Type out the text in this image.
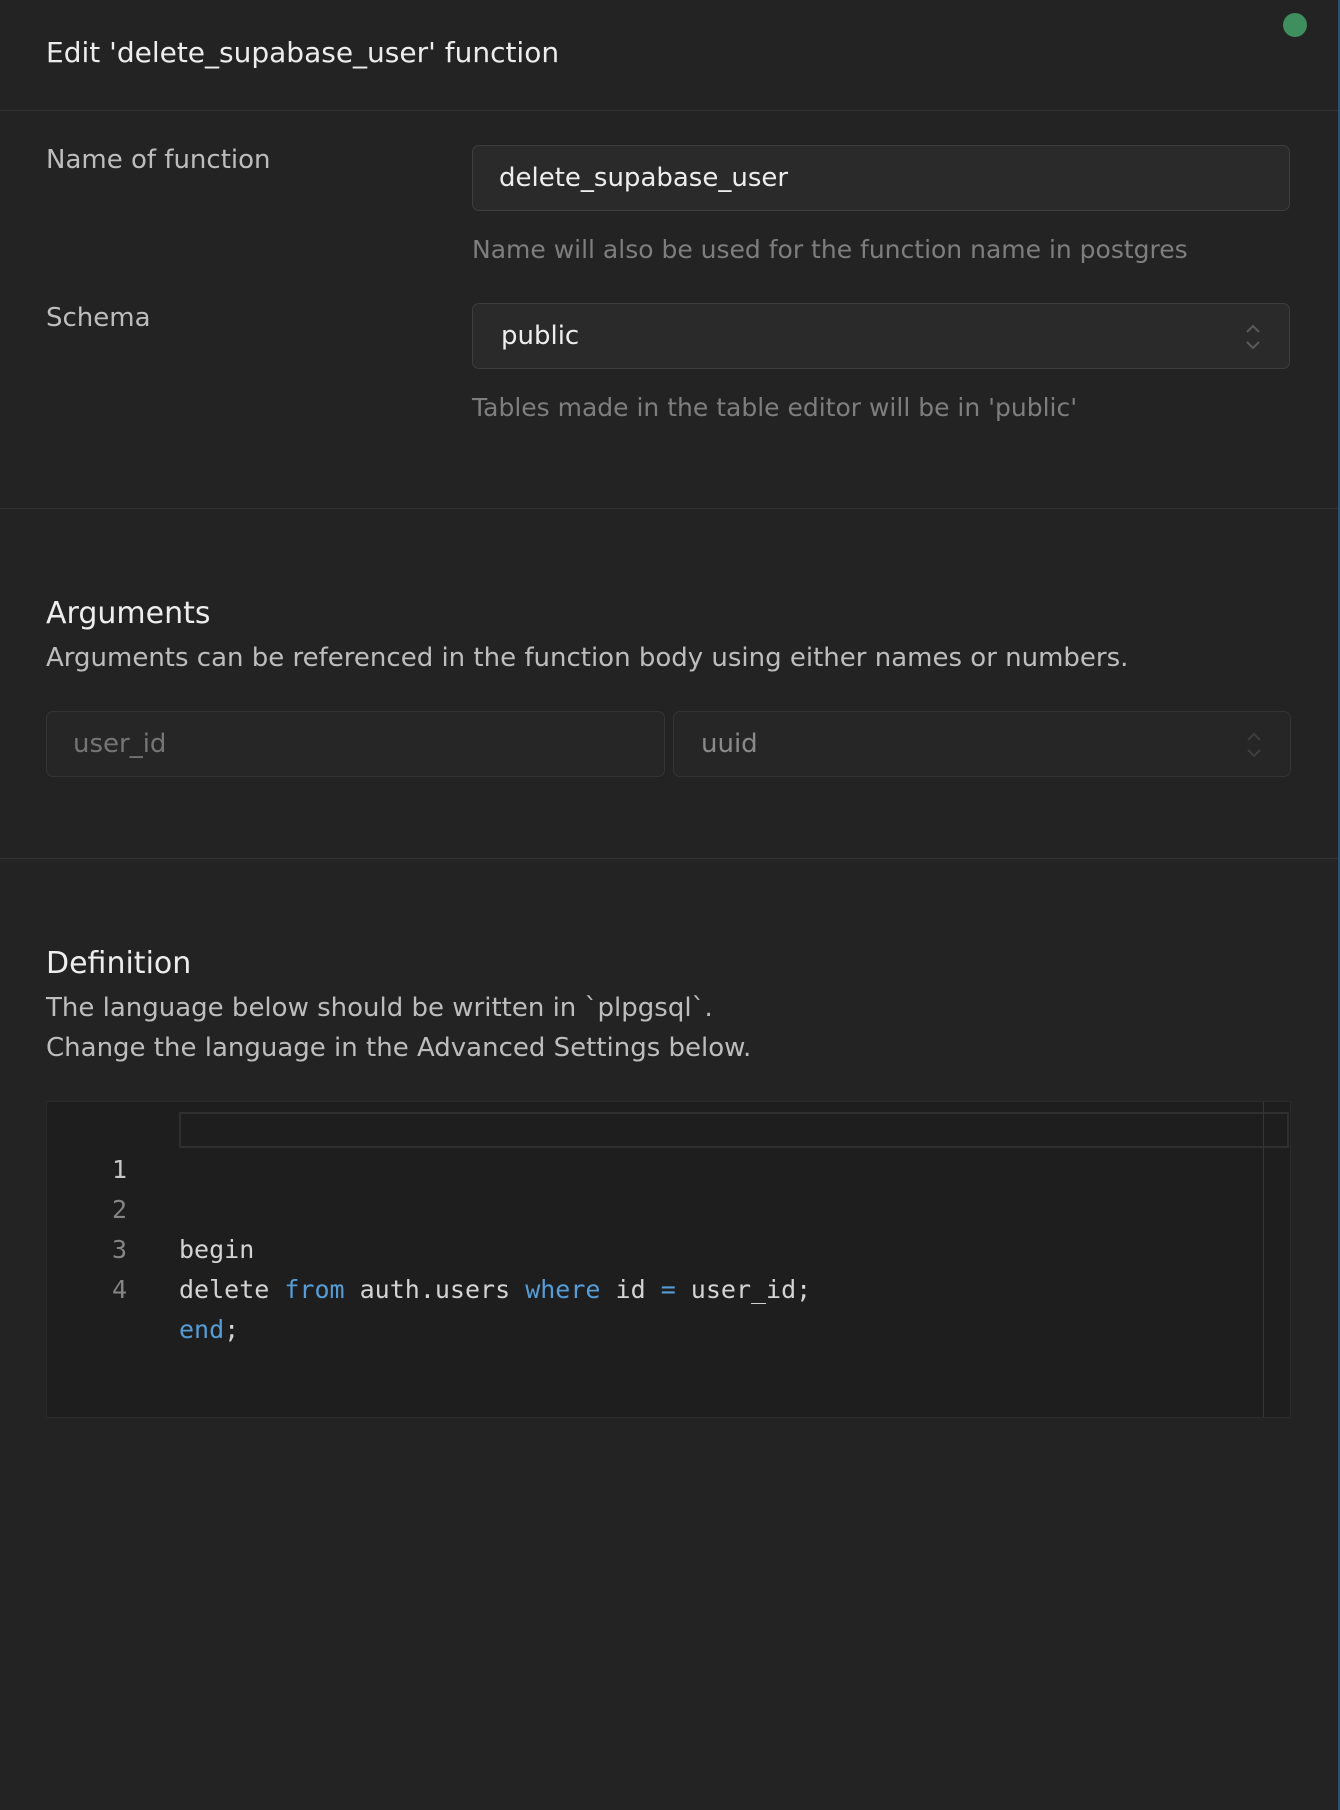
Edit 'delete_supabase_user' function
Name of function
delete_supabase_user
Name will also be used for the function name in postgres
Schema
public
Tables made in the table editor will be in 'public'
Arguments
Arguments can be referenced in the function body using either names or numbers.
user_id
uuid
Definition
The language below should be written in `plpgsql`.
Change the language in the Advanced Settings below.

1

2

begin

3

delete from auth.users where id = user_id;

4

end;
